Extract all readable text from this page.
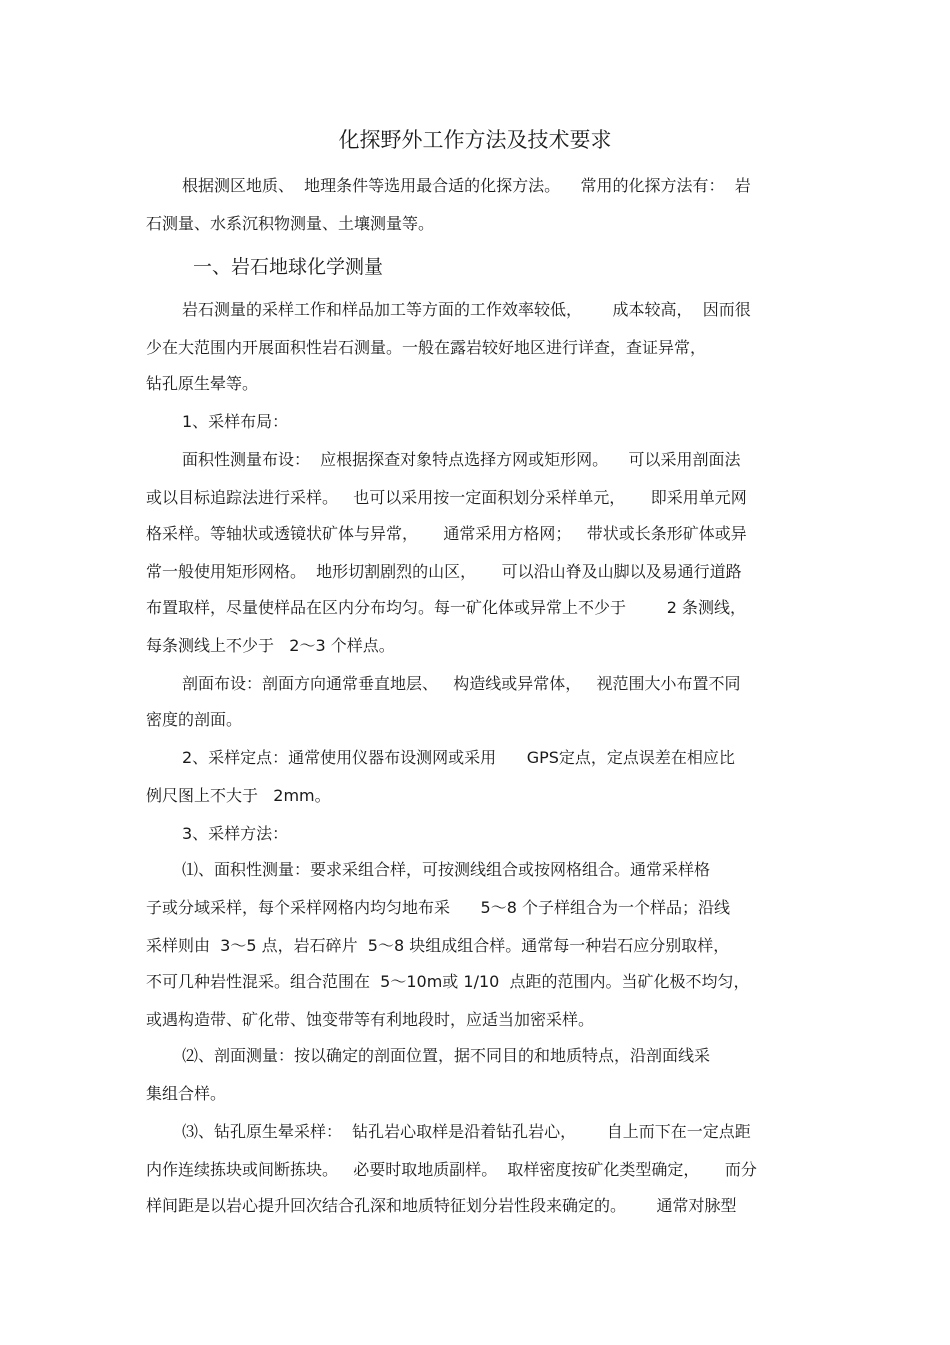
化探野外工作方法及技术要求
根据测区地质、  地理条件等选用最合适的化探方法。    常用的化探方法有：  岩
石测量、水系沉积物测量、土壤测量等。
一、岩石地球化学测量
岩石测量的采样工作和样品加工等方面的工作效率较低，      成本较高，  因而很
少在大范围内开展面积性岩石测量。一般在露岩较好地区进行详查，查证异常，
钻孔原生晕等。
1、采样布局：
面积性测量布设：  应根据探查对象特点选择方网或矩形网。    可以采用剖面法
或以目标追踪法进行采样。   也可以采用按一定面积划分采样单元，     即采用单元网
格采样。等轴状或透镜状矿体与异常，     通常采用方格网；   带状或长条形矿体或异
常一般使用矩形网格。  地形切割剧烈的山区，     可以沿山脊及山脚以及易通行道路
布置取样，尽量使样品在区内分布均匀。每一矿化体或异常上不少于        2 条测线，
每条测线上不少于   2～3 个样点。
剖面布设：剖面方向通常垂直地层、   构造线或异常体，   视范围大小布置不同
密度的剖面。
2、采样定点：通常使用仪器布设测网或采用      GPS定点，定点误差在相应比
例尺图上不大于   2mm。
3、采样方法：
⑴、面积性测量：要求采组合样，可按测线组合或按网格组合。通常采样格
子或分域采样，每个采样网格内均匀地布采      5～8 个子样组合为一个样品；沿线
采样则由  3～5 点，岩石碎片  5～8 块组成组合样。通常每一种岩石应分别取样，
不可几种岩性混采。组合范围在  5～10m或 1/10  点距的范围内。当矿化极不均匀，
或遇构造带、矿化带、蚀变带等有利地段时，应适当加密采样。
⑵、剖面测量：按以确定的剖面位置，据不同目的和地质特点，沿剖面线采
集组合样。
⑶、钻孔原生晕采样：  钻孔岩心取样是沿着钻孔岩心，      自上而下在一定点距
内作连续拣块或间断拣块。   必要时取地质副样。  取样密度按矿化类型确定，     而分
样间距是以岩心提升回次结合孔深和地质特征划分岩性段来确定的。      通常对脉型
